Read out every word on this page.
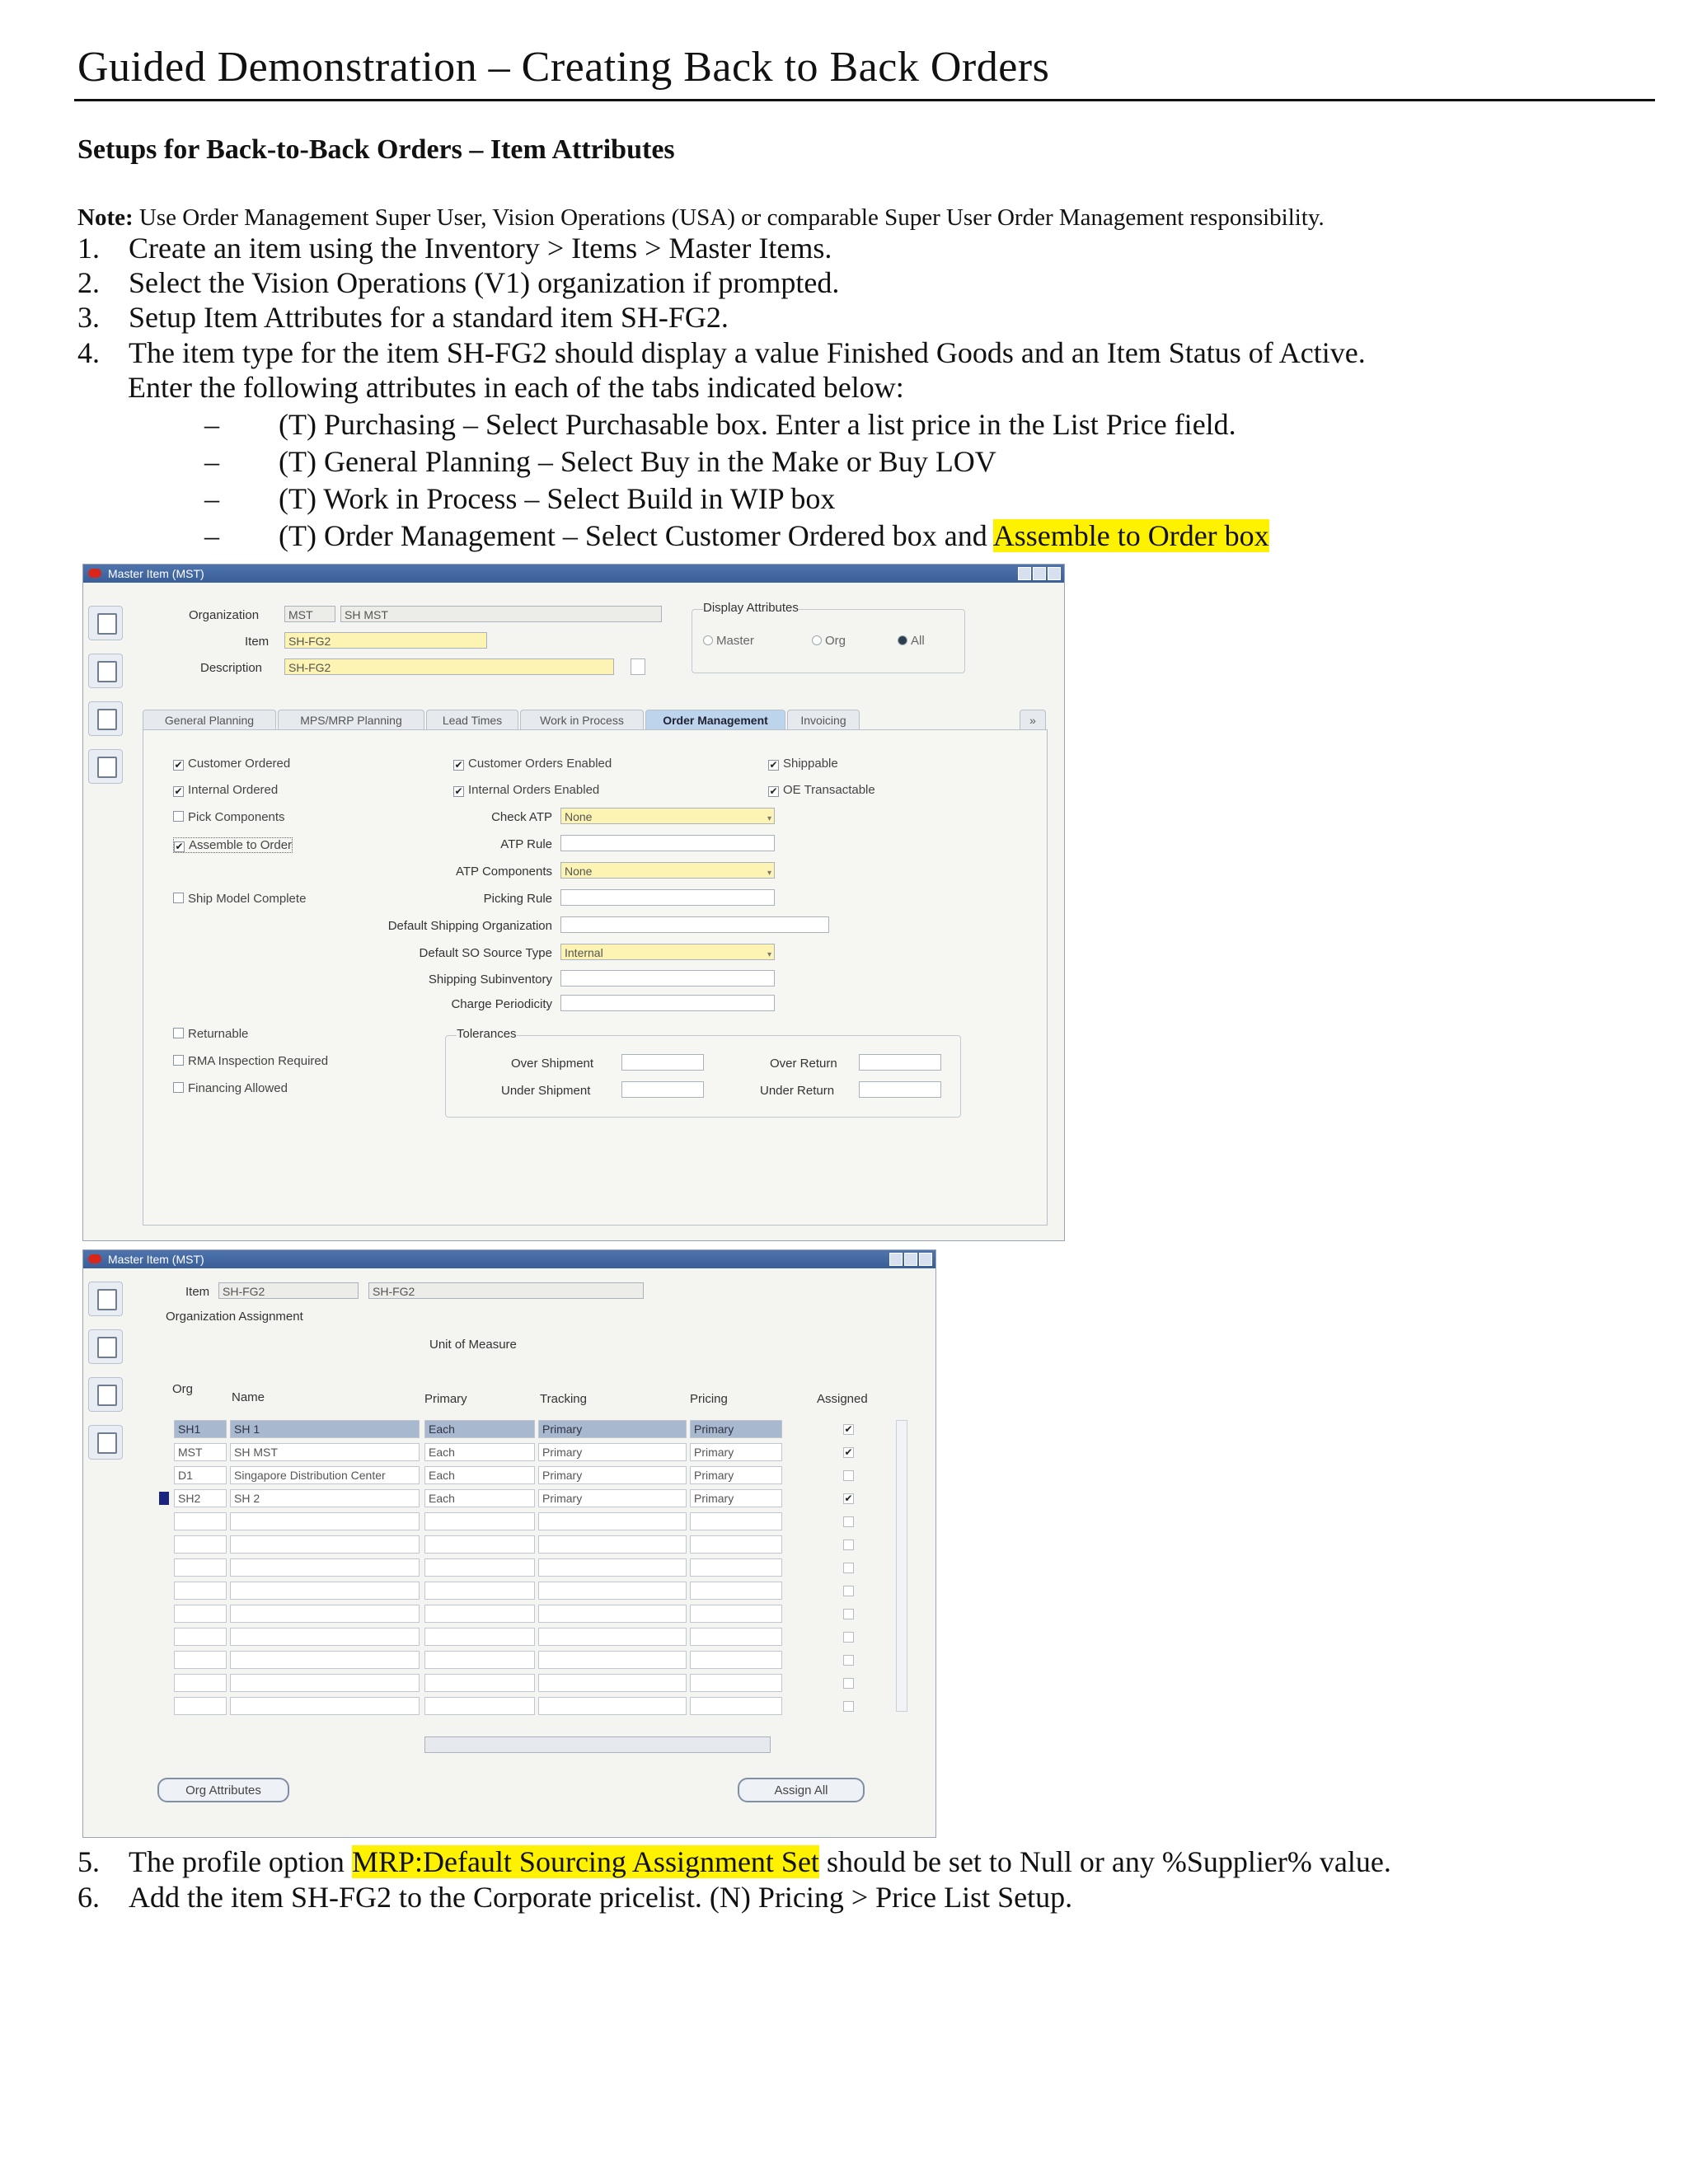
Guided Demonstration – Creating Back to Back Orders
Setups for Back-to-Back Orders – Item Attributes
Note: Use Order Management Super User, Vision Operations (USA) or comparable Super User Order Management responsibility.
1. Create an item using the Inventory > Items > Master Items.
2. Select the Vision Operations (V1) organization if prompted.
3. Setup Item Attributes for a standard item SH-FG2.
4. The item type for the item SH-FG2 should display a value Finished Goods and an Item Status of Active.
Enter the following attributes in each of the tabs indicated below:
– (T) Purchasing – Select Purchasable box. Enter a list price in the List Price field.
– (T) General Planning – Select Buy in the Make or Buy LOV
– (T) Work in Process – Select Build in WIP box
– (T) Order Management – Select Customer Ordered box and Assemble to Order box
Master Item (MST)
Organization	MST	SH MST
Item	SH-FG2
Description	SH-FG2
Display Attributes
Master	Org	All
General Planning	MPS/MRP Planning	Lead Times	Work in Process	Order Management	Invoicing	»
✔ Customer Ordered
✔ Internal Ordered
Pick Components
✔ Assemble to Order
Ship Model Complete
✔ Customer Orders Enabled
✔ Internal Orders Enabled
✔ Shippable
✔ OE Transactable
Check ATP	None	▾
ATP Rule
ATP Components	None	▾
Picking Rule
Default Shipping Organization
Default SO Source Type	Internal	▾
Shipping Subinventory
Charge Periodicity
Returnable
RMA Inspection Required
Financing Allowed
Tolerances
Over Shipment
Under Shipment
Over Return
Under Return
Master Item (MST)
Item	SH-FG2	SH-FG2
Organization Assignment
Unit of Measure
Org
Name	Primary	Tracking	Pricing	Assigned
SH1	SH 1	Each	Primary	Primary	✔
MST	SH MST	Each	Primary	Primary	✔
D1	Singapore Distribution Center	Each	Primary	Primary
SH2	SH 2	Each	Primary	Primary	✔
Org Attributes	Assign All
5. The profile option MRP:Default Sourcing Assignment Set should be set to Null or any %Supplier% value.
6. Add the item SH-FG2 to the Corporate pricelist. (N) Pricing > Price List Setup.
